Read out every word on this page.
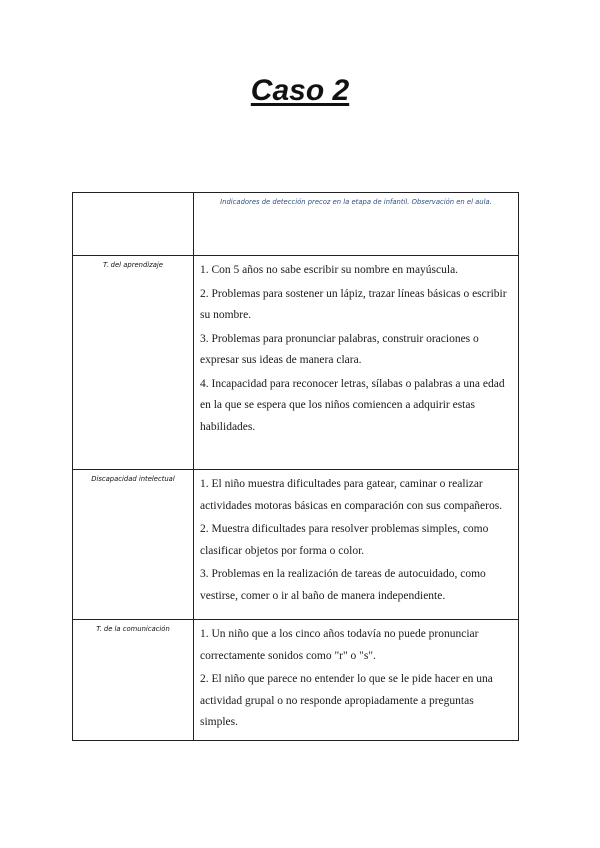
Caso 2

	Indicadores de detección precoz en la etapa de infantil. Observación en el aula.

T. del aprendizaje	1. Con 5 años no sabe escribir su nombre en mayúscula.

2. Problemas para sostener un lápiz, trazar líneas básicas o escribir su nombre.

3. Problemas para pronunciar palabras, construir oraciones o expresar sus ideas de manera clara.

4. Incapacidad para reconocer letras, sílabas o palabras a una edad en la que se espera que los niños comiencen a adquirir estas habilidades.

Discapacidad intelectual	1. El niño muestra dificultades para gatear, caminar o realizar actividades motoras básicas en comparación con sus compañeros.

2. Muestra dificultades para resolver problemas simples, como clasificar objetos por forma o color.

3. Problemas en la realización de tareas de autocuidado, como vestirse, comer o ir al baño de manera independiente.

T. de la comunicación	1. Un niño que a los cinco años todavía no puede pronunciar correctamente sonidos como "r" o "s".

2. El niño que parece no entender lo que se le pide hacer en una actividad grupal o no responde apropiadamente a preguntas simples.
